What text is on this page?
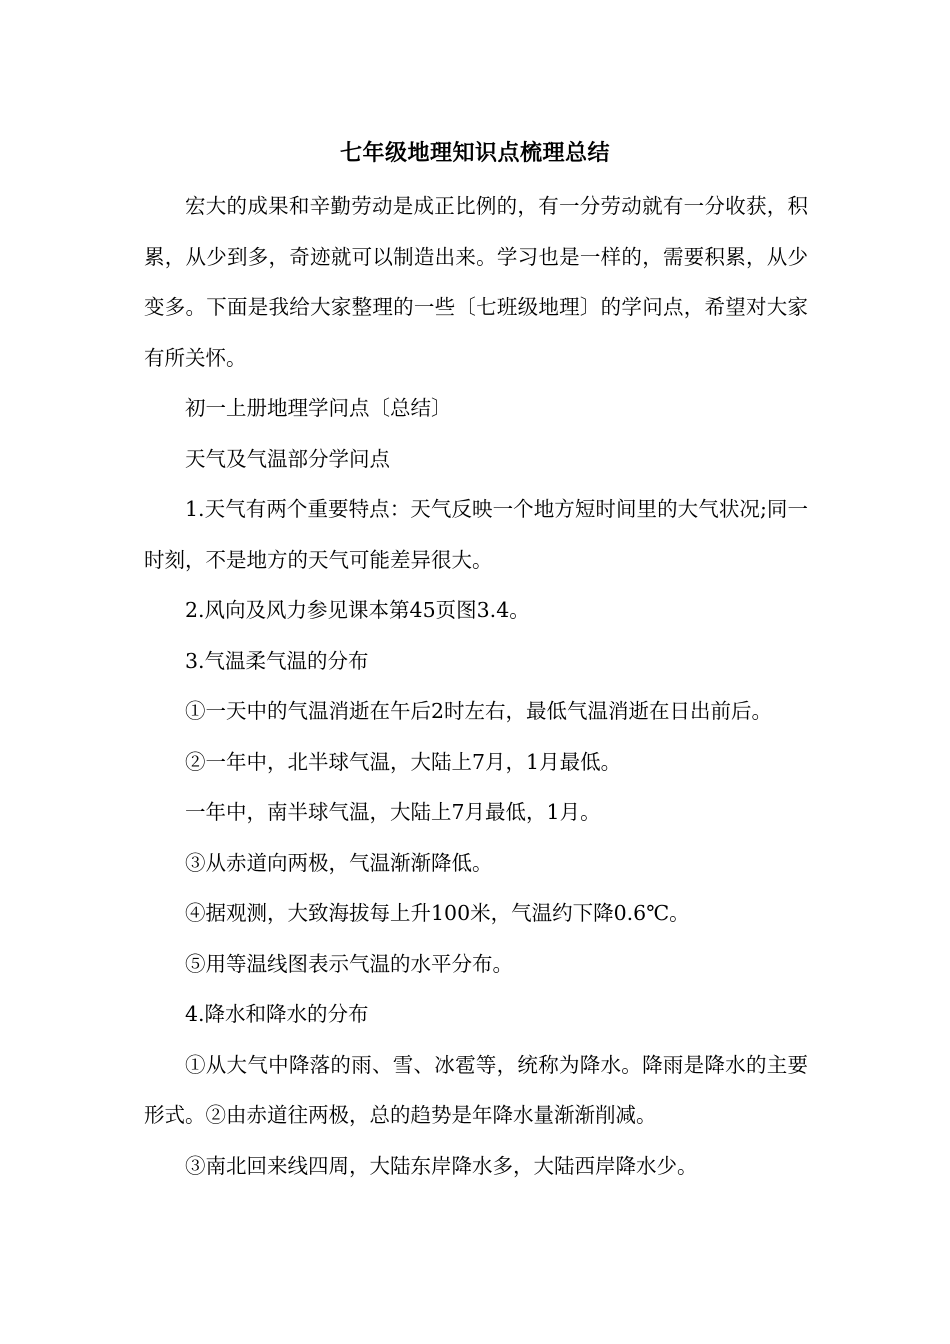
七年级地理知识点梳理总结

宏大的成果和辛勤劳动是成正比例的，有一分劳动就有一分收获，积累，从少到多，奇迹就可以制造出来。学习也是一样的，需要积累，从少变多。下面是我给大家整理的一些〔七班级地理〕的学问点，希望对大家有所关怀。

初一上册地理学问点〔总结〕

天气及气温部分学问点

1.天气有两个重要特点：天气反映一个地方短时间里的大气状况;同一时刻，不是地方的天气可能差异很大。

2.风向及风力参见课本第45页图3.4。

3.气温柔气温的分布

①一天中的气温消逝在午后2时左右，最低气温消逝在日出前后。

②一年中，北半球气温，大陆上7月，1月最低。

一年中，南半球气温，大陆上7月最低，1月。

③从赤道向两极，气温渐渐降低。

④据观测，大致海拔每上升100米，气温约下降0.6℃。

⑤用等温线图表示气温的水平分布。

4.降水和降水的分布

①从大气中降落的雨、雪、冰雹等，统称为降水。降雨是降水的主要形式。②由赤道往两极，总的趋势是年降水量渐渐削减。

③南北回来线四周，大陆东岸降水多，大陆西岸降水少。
